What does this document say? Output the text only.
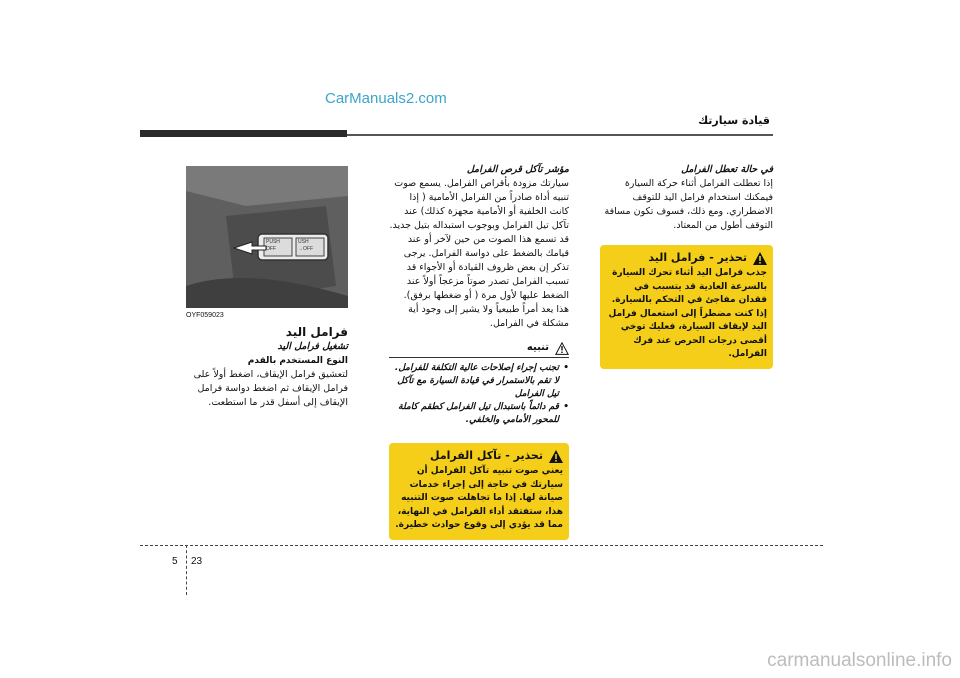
CarManuals2.com
قيادة سيارتك

في حالة تعطل الفرامل

إذا تعطلت الفرامل أثناء حركة السيارة فيمكنك استخدام فرامل اليد للتوقف الاضطراري. ومع ذلك، فسوف تكون مسافة التوقف أطول من المعتاد.

تحذير - فرامل اليد
جذب فرامل اليد أثناء تحرك السيارة بالسرعة العادية قد يتسبب في فقدان مفاجئ في التحكم بالسيارة. إذا كنت مضطراً إلى استعمال فرامل اليد لإيقاف السيارة، فعليك توخي أقصى درجات الحرص عند فرك الفرامل.

مؤشر تآكل قرص الفرامل

سيارتك مزودة بأقراص الفرامل. يسمع صوت تنبيه أداة صادراً من الفرامل الأمامية ( إذا كانت الخلفية أو الأمامية مجهزة كذلك) عند تآكل تيل الفرامل وبوجوب استبداله بتيل جديد. قد تسمع هذا الصوت من حين لآخر أو عند قيامك بالضغط على دواسة الفرامل. يرجى تذكر إن بعض ظروف القيادة أو الأجواء قد تسبب الفرامل تصدر صوتاً مزعجاً أولاً عند الضغط عليها لأول مرة ( أو ضغطها برفق). هذا يعد أمراً طبيعياً ولا يشير إلى وجود أية مشكلة في الفرامل.

تنبيه
• تجنب إجراء إصلاحات عالية التكلفة للفرامل. لا تقم بالاستمرار في قيادة السيارة مع تآكل تيل الفرامل
• قم دائماً باستبدال تيل الفرامل كطقم كاملة للمحور الأمامي والخلفي.
تحذير - تآكل الفرامل
يعني صوت تنبيه تآكل الفرامل أن سيارتك في حاجة إلى إجراء خدمات صيانة لها. إذا ما تجاهلت صوت التنبيه هذا، ستفتقد أداء الفرامل في النهاية، مما قد يؤدي إلى وقوع حوادث خطيرة.
PUSH
OFF
USH
→OFF
OYF059023

فرامل اليد

تشغيل فرامل اليد

النوع المستخدم بالقدم

لتعشيق فرامل الإيقاف، اضغط أولاً على فرامل الإيقاف ثم اضغط دواسة فرامل الإيقاف إلى أسفل قدر ما استطعت.

5 23
carmanualsonline.info
